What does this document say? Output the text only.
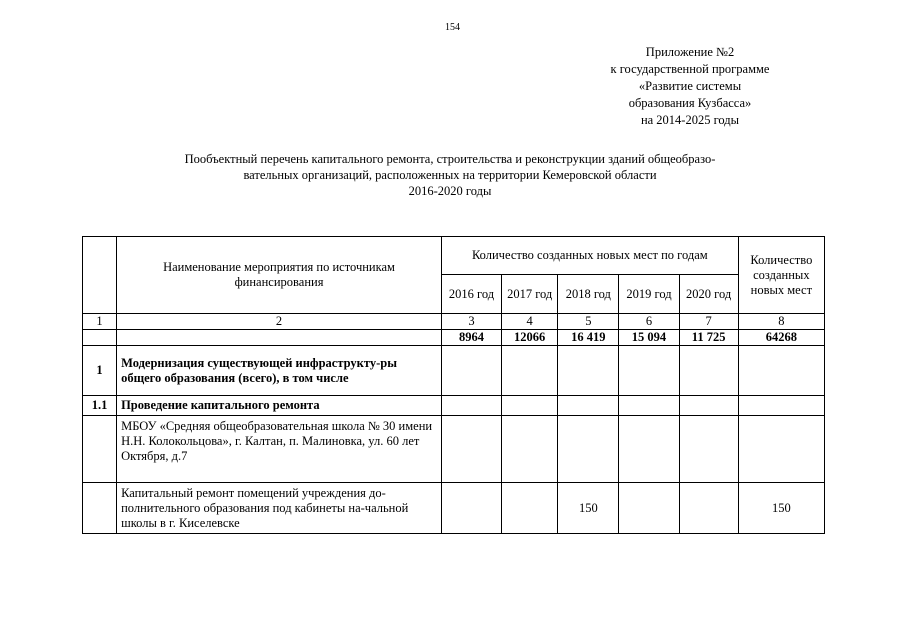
154
Приложение №2
к государственной программе
«Развитие системы
образования Кузбасса»
на 2014-2025 годы
Пообъектный перечень капитального ремонта, строительства и реконструкции зданий общеобразо-
вательных организаций, расположенных на территории Кемеровской области
2016-2020 годы
	Наименование мероприятия по источникам финансирования	Количество созданных новых мест по годам					Количество созданных новых мест
		2016 год	2017 год	2018 год	2019 год	2020 год	
1	2	3	4	5	6	7	8
		8964	12066	16 419	15 094	11 725	64268
1	Модернизация существующей инфраструкту-ры общего образования (всего), в том числе						
1.1	Проведение капитального ремонта						
	МБОУ «Средняя общеобразовательная школа № 30 имени Н.Н. Колокольцова», г. Калтан, п. Малиновка, ул. 60 лет Октября, д.7						
	Капитальный ремонт помещений учреждения до-полнительного образования под кабинеты на-чальной школы в г. Киселевске			150			150
